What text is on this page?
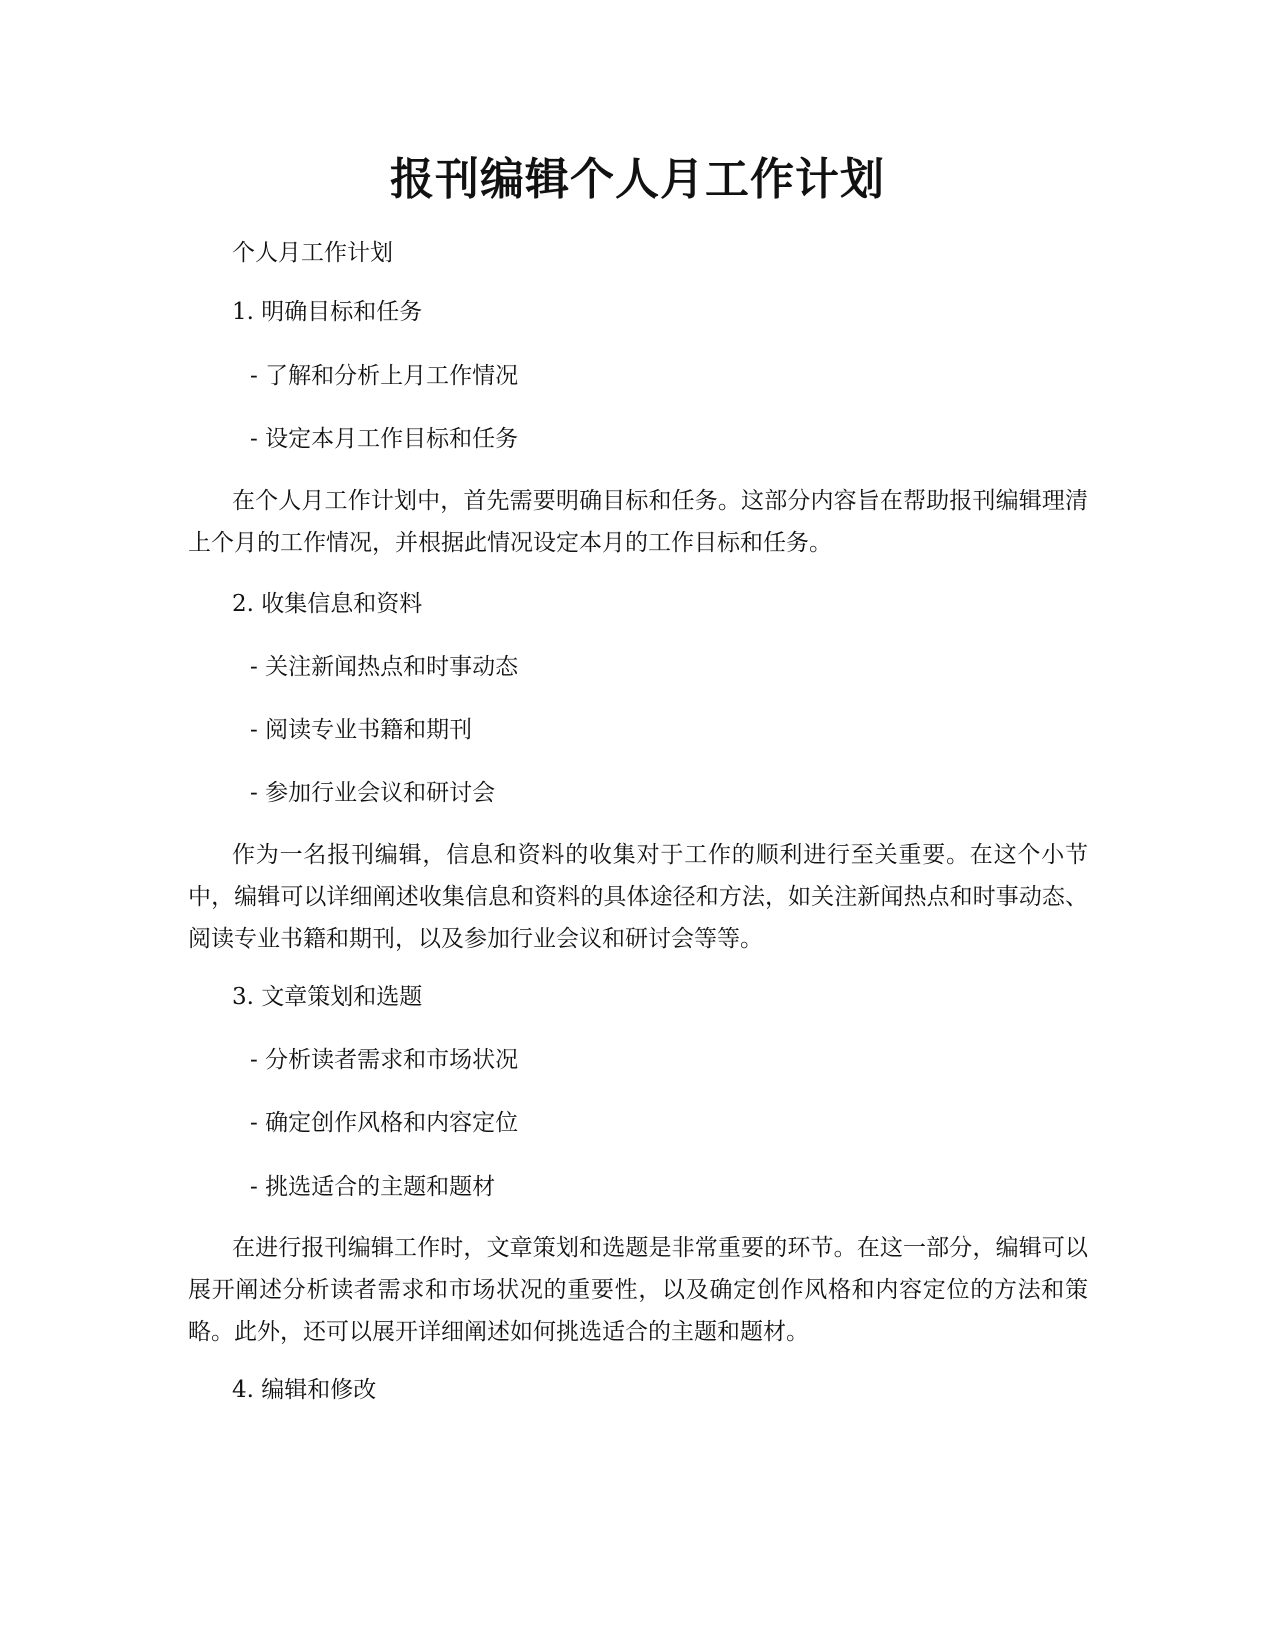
报刊编辑个人月工作计划
个人月工作计划
1. 明确目标和任务
- 了解和分析上月工作情况
- 设定本月工作目标和任务
在个人月工作计划中，首先需要明确目标和任务。这部分内容旨在帮助报刊编辑理清上个月的工作情况，并根据此情况设定本月的工作目标和任务。
2. 收集信息和资料
- 关注新闻热点和时事动态
- 阅读专业书籍和期刊
- 参加行业会议和研讨会
作为一名报刊编辑，信息和资料的收集对于工作的顺利进行至关重要。在这个小节中，编辑可以详细阐述收集信息和资料的具体途径和方法，如关注新闻热点和时事动态、阅读专业书籍和期刊，以及参加行业会议和研讨会等等。
3. 文章策划和选题
- 分析读者需求和市场状况
- 确定创作风格和内容定位
- 挑选适合的主题和题材
在进行报刊编辑工作时，文章策划和选题是非常重要的环节。在这一部分，编辑可以展开阐述分析读者需求和市场状况的重要性，以及确定创作风格和内容定位的方法和策略。此外，还可以展开详细阐述如何挑选适合的主题和题材。
4. 编辑和修改
